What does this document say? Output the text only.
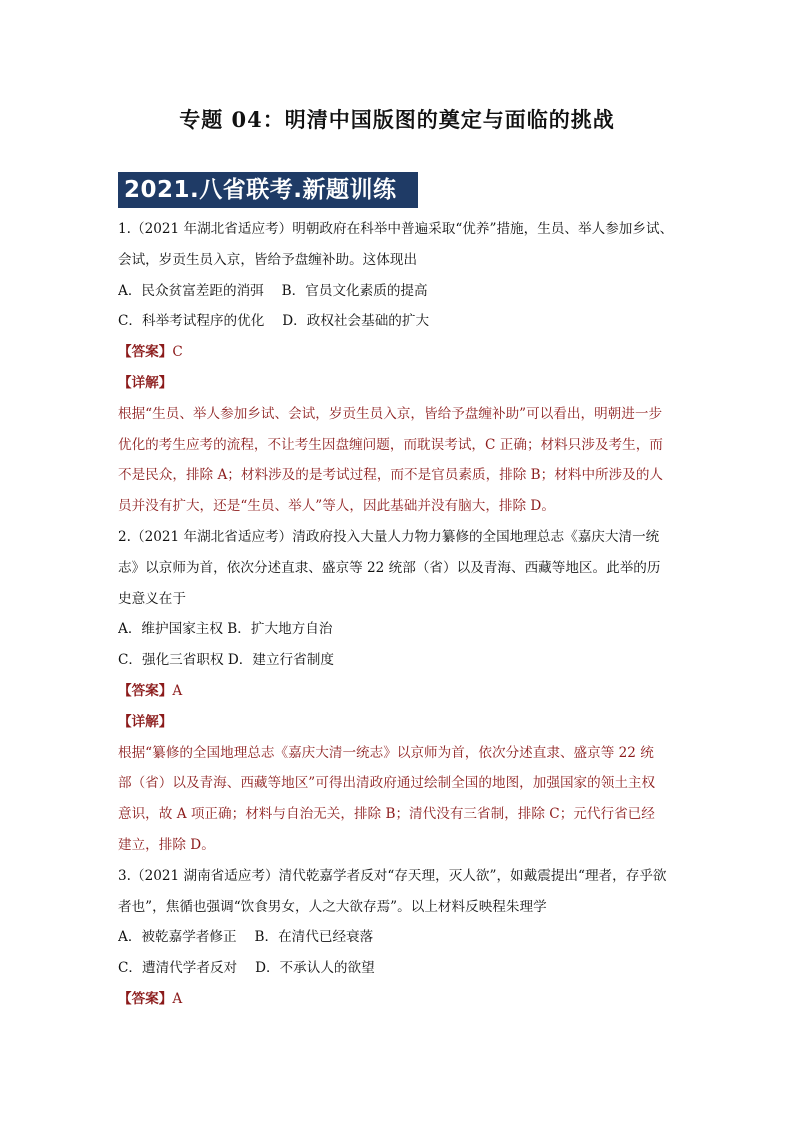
专题 04：明清中国版图的奠定与面临的挑战
2021.八省联考.新题训练
1.（2021 年湖北省适应考）明朝政府在科举中普遍采取“优养”措施，生员、举人参加乡试、
会试，岁贡生员入京，皆给予盘缠补助。这体现出
A．民众贫富差距的消弭　 B．官员文化素质的提高
C．科举考试程序的优化　 D．政权社会基础的扩大
【答案】C
【详解】
根据“生员、举人参加乡试、会试，岁贡生员入京，皆给予盘缠补助”可以看出，明朝进一步
优化的考生应考的流程，不让考生因盘缠问题，而耽误考试，C 正确；材料只涉及考生，而
不是民众，排除 A；材料涉及的是考试过程，而不是官员素质，排除 B；材料中所涉及的人
员并没有扩大，还是“生员、举人”等人，因此基础并没有脑大，排除 D。
2.（2021 年湖北省适应考）清政府投入大量人力物力纂修的全国地理总志《嘉庆大清一统
志》以京师为首，依次分述直隶、盛京等 22 统部（省）以及青海、西藏等地区。此举的历
史意义在于
A．维护国家主权 B．扩大地方自治
C．强化三省职权 D．建立行省制度
【答案】A
【详解】
根据“纂修的全国地理总志《嘉庆大清一统志》以京师为首，依次分述直隶、盛京等 22 统
部（省）以及青海、西藏等地区”可得出清政府通过绘制全国的地图，加强国家的领土主权
意识，故 A 项正确；材料与自治无关，排除 B；清代没有三省制，排除 C；元代行省已经
建立，排除 D。
3.（2021 湖南省适应考）清代乾嘉学者反对“存天理，灭人欲”，如戴震提出“理者，存乎欲
者也”，焦循也强调“饮食男女，人之大欲存焉”。以上材料反映程朱理学
A．被乾嘉学者修正　 B．在清代已经衰落
C．遭清代学者反对　 D．不承认人的欲望
【答案】A
